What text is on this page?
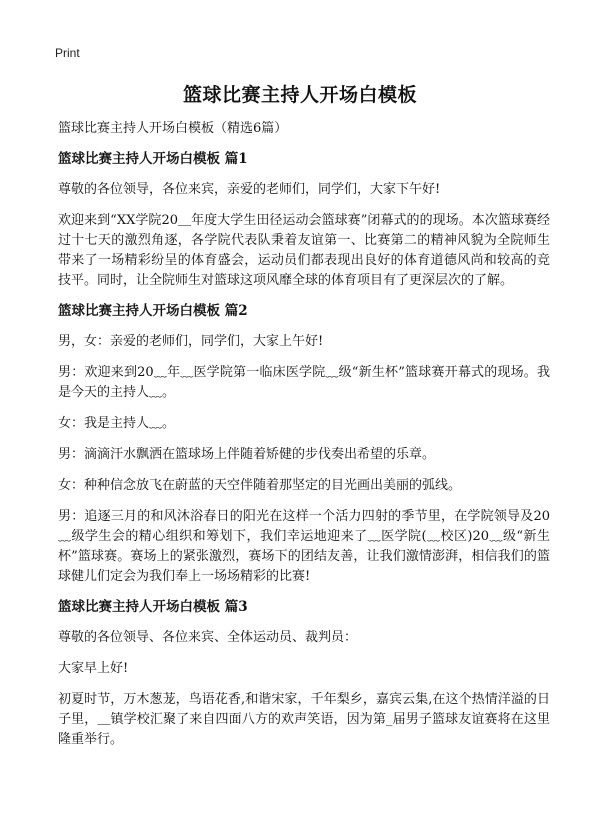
Print
篮球比赛主持人开场白模板

篮球比赛主持人开场白模板（精选6篇）

篮球比赛主持人开场白模板 篇1

尊敬的各位领导，各位来宾，亲爱的老师们，同学们，大家下午好!

欢迎来到“XX学院20＿年度大学生田径运动会篮球赛”闭幕式的的现场。本次篮球赛经过十七天的激烈角逐，各学院代表队秉着友谊第一、比赛第二的精神风貌为全院师生带来了一场精彩纷呈的体育盛会，运动员们都表现出良好的体育道德风尚和较高的竞技平。同时，让全院师生对篮球这项风靡全球的体育项目有了更深层次的了解。

篮球比赛主持人开场白模板 篇2

男，女：亲爱的老师们，同学们，大家上午好!

男：欢迎来到20﹏年﹏医学院第一临床医学院﹏级“新生杯”篮球赛开幕式的现场。我是今天的主持人﹏。

女：我是主持人﹏。

男：滴滴汗水飘洒在篮球场上伴随着矫健的步伐奏出希望的乐章。

女：种种信念放飞在蔚蓝的天空伴随着那坚定的目光画出美丽的弧线。

男：追逐三月的和风沐浴春日的阳光在这样一个活力四射的季节里，在学院领导及20﹏级学生会的精心组织和筹划下，我们幸运地迎来了﹏医学院(﹏校区)20﹏级“新生杯”篮球赛。赛场上的紧张激烈，赛场下的团结友善，让我们激情澎湃，相信我们的篮球健儿们定会为我们奉上一场场精彩的比赛!

篮球比赛主持人开场白模板 篇3

尊敬的各位领导、各位来宾、全体运动员、裁判员：

大家早上好!

初夏时节，万木葱茏，鸟语花香,和谐宋家，千年梨乡，嘉宾云集,在这个热情洋溢的日子里，＿镇学校汇聚了来自四面八方的欢声笑语，因为第_届男子篮球友谊赛将在这里隆重举行。
